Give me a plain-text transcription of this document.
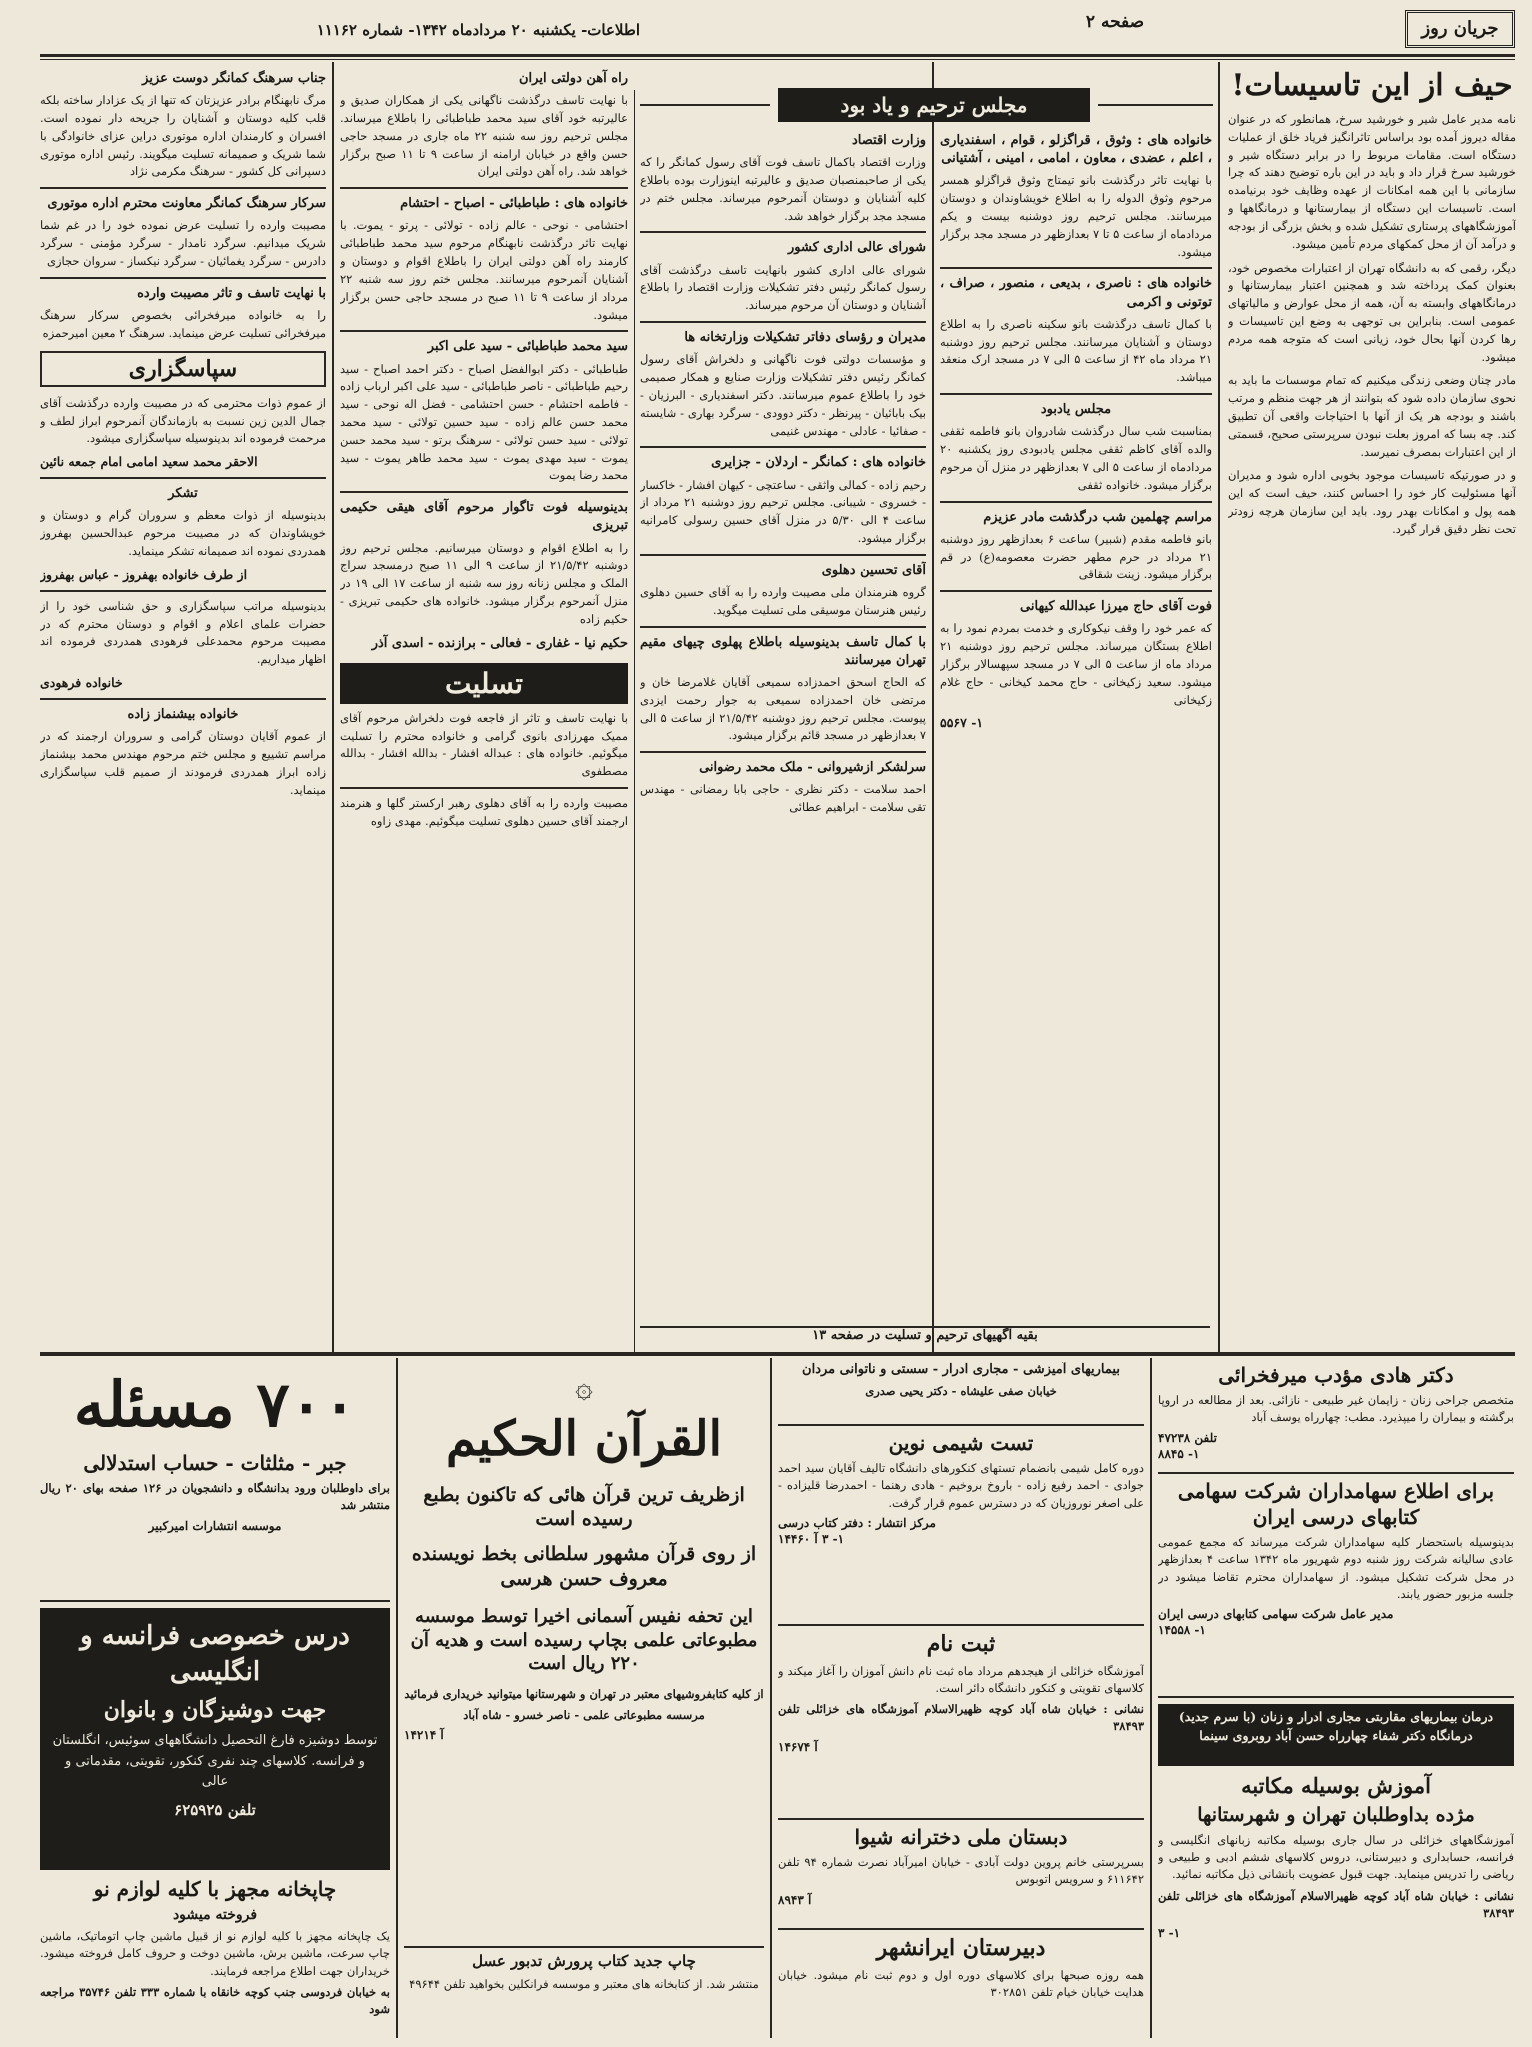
اطلاعات- یکشنبه ۲۰ مردادماه ۱۳۴۲- شماره ۱۱۱۶۲	صفحه ۲	جریان روز
حیف از این تاسیسات!

نامه مدیر عامل شیر و خورشید سرخ، همانطور که در عنوان مقاله دیروز آمده بود براساس تاثرانگیز فریاد خلق از عملیات دستگاه است. مقامات مربوط را در برابر دستگاه شیر و خورشید سرخ قرار داد و باید در این باره توضیح دهند که چرا سازمانی با این همه امکانات از عهده وظایف خود برنیامده است. تاسیسات این دستگاه از بیمارستانها و درمانگاهها و آموزشگاههای پرستاری تشکیل شده و بخش بزرگی از بودجه و درآمد آن از محل کمکهای مردم تأمین میشود.

دیگر، رقمی که به دانشگاه تهران از اعتبارات مخصوص خود، بعنوان کمک پرداخته شد و همچنین اعتبار بیمارستانها و درمانگاههای وابسته به آن، همه از محل عوارض و مالیاتهای عمومی است. بنابراین بی توجهی به وضع این تاسیسات و رها کردن آنها بحال خود، زیانی است که متوجه همه مردم میشود.

مادر چنان وضعی زندگی میکنیم که تمام موسسات ما باید به نحوی سازمان داده شود که بتوانند از هر جهت منظم و مرتب باشند و بودجه هر یک از آنها با احتیاجات واقعی آن تطبیق کند. چه بسا که امروز بعلت نبودن سرپرستی صحیح، قسمتی از این اعتبارات بمصرف نمیرسد.

و در صورتیکه تاسیسات موجود بخوبی اداره شود و مدیران آنها مسئولیت کار خود را احساس کنند، حیف است که این همه پول و امکانات بهدر رود. باید این سازمان هرچه زودتر تحت نظر دقیق قرار گیرد.

مجلس ترحیم و یاد بود

خانواده های : وثوق ، قراگزلو ، قوام ، اسفندیاری ، اعلم ، عضدی ، معاون ، امامی ، امینی ، آشتیانی

با نهایت تاثر درگذشت بانو تیمتاج وثوق قراگزلو همسر مرحوم وثوق الدوله را به اطلاع خویشاوندان و دوستان میرسانند. مجلس ترحیم روز دوشنبه بیست و یکم مردادماه از ساعت ۵ تا ۷ بعدازظهر در مسجد مجد برگزار میشود.

خانواده های : ناصری ، بدیعی ، منصور ، صراف ، توتونی و اکرمی

با کمال تاسف درگذشت بانو سکینه ناصری را به اطلاع دوستان و آشنایان میرسانند. مجلس ترحیم روز دوشنبه ۲۱ مرداد ماه ۴۲ از ساعت ۵ الی ۷ در مسجد ارک منعقد میباشد.

مجلس یادبود

بمناسبت شب سال درگذشت شادروان بانو فاطمه ثقفی والده آقای کاظم ثقفی مجلس یادبودی روز یکشنبه ۲۰ مردادماه از ساعت ۵ الی ۷ بعدازظهر در منزل آن مرحوم برگزار میشود. خانواده ثقفی

مراسم چهلمین شب درگذشت مادر عزیزم

بانو فاطمه مقدم (شبیر) ساعت ۶ بعدازظهر روز دوشنبه ۲۱ مرداد در حرم مطهر حضرت معصومه(ع) در قم برگزار میشود. زینت شقاقی

فوت آقای حاج میرزا عبدالله کیهانی

که عمر خود را وقف نیکوکاری و خدمت بمردم نمود را به اطلاع بستگان میرساند. مجلس ترحیم روز دوشنبه ۲۱ مرداد ماه از ساعت ۵ الی ۷ در مسجد سپهسالار برگزار میشود. سعید زکیخانی - حاج محمد کیخانی - حاج غلام زکیخانی

۱- ۵۵۶۷

وزارت اقتصاد

وزارت اقتصاد باکمال تاسف فوت آقای رسول کمانگر را که یکی از صاحبمنصبان صدیق و عالیرتبه اینوزارت بوده باطلاع کلیه آشنایان و دوستان آنمرحوم میرساند. مجلس ختم در مسجد مجد برگزار خواهد شد.

شورای عالی اداری کشور

شورای عالی اداری کشور بانهایت تاسف درگذشت آقای رسول کمانگر رئیس دفتر تشکیلات وزارت اقتصاد را باطلاع آشنایان و دوستان آن مرحوم میرساند.

مدیران و رؤسای دفاتر تشکیلات وزارتخانه ها

و مؤسسات دولتی فوت ناگهانی و دلخراش آقای رسول کمانگر رئیس دفتر تشکیلات وزارت صنایع و همکار صمیمی خود را باطلاع عموم میرسانند. دکتر اسفندیاری - البرزیان - بیک بابائیان - پیرنظر - دکتر دوودی - سرگرد بهاری - شایسته - صفائیا - عادلی - مهندس غنیمی

خانواده های : کمانگر - اردلان - جزایری

رحیم زاده - کمالی واثقی - ساعتچی - کیهان افشار - خاکسار - خسروی - شیبانی. مجلس ترحیم روز دوشنبه ۲۱ مرداد از ساعت ۴ الی ۵/۳۰ در منزل آقای حسین رسولی کامرانیه برگزار میشود.

آقای تحسین دهلوی

گروه هنرمندان ملی مصیبت وارده را به آقای حسین دهلوی رئیس هنرستان موسیقی ملی تسلیت میگوید.

با کمال تاسف بدینوسیله باطلاع پهلوی چیهای مقیم تهران میرسانند

که الحاج اسحق احمدزاده سمیعی آقایان غلامرضا خان و مرتضی خان احمدزاده سمیعی به جوار رحمت ایزدی پیوست. مجلس ترحیم روز دوشنبه ۲۱/۵/۴۲ از ساعت ۵ الی ۷ بعدازظهر در مسجد قائم برگزار میشود.

سرلشکر ازشیروانی - ملک محمد رضوانی

احمد سلامت - دکتر نظری - حاجی بابا رمضانی - مهندس تقی سلامت - ابراهیم عطائی

بقیه آگهیهای ترحیم و تسلیت در صفحه ۱۳

راه آهن دولتی ایران

با نهایت تاسف درگذشت ناگهانی یکی از همکاران صدیق و عالیرتبه خود آقای سید محمد طباطبائی را باطلاع میرساند. مجلس ترحیم روز سه شنبه ۲۲ ماه جاری در مسجد حاجی حسن واقع در خیابان ارامنه از ساعت ۹ تا ۱۱ صبح برگزار خواهد شد. راه آهن دولتی ایران

خانواده های : طباطبائی - اصباح - احتشام

احتشامی - نوحی - عالم زاده - تولائی - پرتو - یموت. با نهایت تاثر درگذشت نابهنگام مرحوم سید محمد طباطبائی کارمند راه آهن دولتی ایران را باطلاع اقوام و دوستان و آشنایان آنمرحوم میرسانند. مجلس ختم روز سه شنبه ۲۲ مرداد از ساعت ۹ تا ۱۱ صبح در مسجد حاجی حسن برگزار میشود.

سید محمد طباطبائی - سید علی اکبر

طباطبائی - دکتر ابوالفضل اصباح - دکتر احمد اصباح - سید رحیم طباطبائی - ناصر طباطبائی - سید علی اکبر ارباب زاده - فاطمه احتشام - حسن احتشامی - فضل اله نوحی - سید محمد حسن عالم زاده - سید حسین تولائی - سید محمد تولائی - سید حسن تولائی - سرهنگ برتو - سید محمد حسن یموت - سید مهدی یموت - سید محمد طاهر یموت - سید محمد رضا یموت

بدینوسیله فوت تاگوار مرحوم آقای هیقی حکیمی تبریزی

را به اطلاع اقوام و دوستان میرسانیم. مجلس ترحیم روز دوشنبه ۲۱/۵/۴۲ از ساعت ۹ الی ۱۱ صبح درمسجد سراج الملک و مجلس زنانه روز سه شنبه از ساعت ۱۷ الی ۱۹ در منزل آنمرحوم برگزار میشود. خانواده های حکیمی تبریزی - حکیم زاده

حکیم نیا - غفاری - فعالی - برازنده - اسدی آذر

تسلیت

با نهایت تاسف و تاثر از فاجعه فوت دلخراش مرحوم آقای ممیک مهرزادی بانوی گرامی و خانواده محترم را تسلیت میگوئیم. خانواده های : عبداله افشار - بدالله افشار - بدالله مصطفوی

مصیبت وارده را به آقای دهلوی رهبر ارکستر گلها و هنرمند ارجمند آقای حسین دهلوی تسلیت میگوئیم. مهدی زاوه

جناب سرهنگ کمانگر دوست عزیز

مرگ نابهنگام برادر عزیزتان که تنها از یک عزادار ساخته بلکه قلب کلیه دوستان و آشنایان را جریحه دار نموده است. افسران و کارمندان اداره موتوری دراین عزای خانوادگی با شما شریک و صمیمانه تسلیت میگویند. رئیس اداره موتوری دسپرانی کل کشور - سرهنگ مکرمی نژاد

سرکار سرهنگ کمانگر معاونت محترم اداره موتوری

مصیبت وارده را تسلیت عرض نموده خود را در غم شما شریک میدانیم. سرگرد نامدار - سرگرد مؤمنی - سرگرد دادرس - سرگرد یغمائیان - سرگرد نیکساز - سروان حجازی

با نهایت تاسف و تاثر مصیبت وارده

را به خانواده میرفخرائی بخصوص سرکار سرهنگ میرفخرائی تسلیت عرض مینماید. سرهنگ ۲ معین امیرحمزه

سپاسگزاری

از عموم ذوات محترمی که در مصیبت وارده درگذشت آقای جمال الدین زین نسبت به بازماندگان آنمرحوم ابراز لطف و مرحمت فرموده اند بدینوسیله سپاسگزاری میشود.

الاحقر محمد سعید امامی امام جمعه نائین

تشکر

بدینوسیله از ذوات معظم و سروران گرام و دوستان و خویشاوندان که در مصیبت مرحوم عبدالحسین بهفروز همدردی نموده اند صمیمانه تشکر مینماید.

از طرف خانواده بهفروز - عباس بهفروز

بدینوسیله مراتب سپاسگزاری و حق شناسی خود را از حضرات علمای اعلام و اقوام و دوستان محترم که در مصیبت مرحوم محمدعلی فرهودی همدردی فرموده اند اظهار میداریم.

خانواده فرهودی

خانواده بیشنماز زاده

از عموم آقایان دوستان گرامی و سروران ارجمند که در مراسم تشییع و مجلس ختم مرحوم مهندس محمد بیشنماز زاده ابراز همدردی فرمودند از صمیم قلب سپاسگزاری مینماید.

دکتر هادی مؤدب میرفخرائی

متخصص جراحی زنان - زایمان غیر طبیعی - نازائی. بعد از مطالعه در اروپا برگشته و بیماران را میپذیرد. مطب: چهارراه یوسف آباد

تلفن ۴۷۲۳۸
۱- ۸۸۴۵
برای اطلاع سهامداران شرکت سهامی کتابهای درسی ایران

بدینوسیله باستحضار کلیه سهامداران شرکت میرساند که مجمع عمومی عادی سالیانه شرکت روز شنبه دوم شهریور ماه ۱۳۴۲ ساعت ۴ بعدازظهر در محل شرکت تشکیل میشود. از سهامداران محترم تقاضا میشود در جلسه مزبور حضور یابند.

مدیر عامل شرکت سهامی کتابهای درسی ایران
۱- ۱۴۵۵۸
درمان بیماریهای مقاربتی مجاری ادرار و زنان (با سرم جدید)
درمانگاه دکتر شفاء چهارراه حسن آباد روبروی سینما
آموزش بوسیله مکاتبه
مژده بداوطلبان تهران و شهرستانها

آموزشگاههای خزائلی در سال جاری بوسیله مکاتبه زبانهای انگلیسی و فرانسه، حسابداری و دبیرستانی، دروس کلاسهای ششم ادبی و طبیعی و ریاضی را تدریس مینماید. جهت قبول عضویت بانشانی ذیل مکاتبه نمائید.

نشانی : خیابان شاه آباد کوچه ظهیرالاسلام آموزشگاه های خزائلی تلفن ۳۸۴۹۳

۱- ۳
بیماریهای آمیزشی - مجاری ادرار - سستی و ناتوانی مردان

خیابان صفی علیشاه - دکتر یحیی صدری

تست شیمی نوین

دوره کامل شیمی بانضمام تستهای کنکورهای دانشگاه تالیف آقایان سید احمد جوادی - احمد رفیع زاده - باروخ بروخیم - هادی رهنما - احمدرضا قلیزاده - علی اصغر نوروزیان که در دسترس عموم قرار گرفت.

مرکز انتشار : دفتر کتاب درسی
۱- ۳ آ ۱۴۴۶۰
ثبت نام

آموزشگاه خزائلی از هیجدهم مرداد ماه ثبت نام دانش آموزان را آغاز میکند و کلاسهای تقویتی و کنکور دانشگاه دائر است.

نشانی : خیابان شاه آباد کوچه ظهیرالاسلام آموزشگاه های خزائلی تلفن ۳۸۴۹۳

آ ۱۴۶۷۴
دبستان ملی دخترانه شیوا

بسرپرستی خانم پروین دولت آبادی - خیابان امیرآباد نصرت شماره ۹۴ تلفن ۶۱۱۶۴۲ و سرویس اتوبوس

آ ۸۹۴۳
دبیرستان ایرانشهر

همه روزه صبحها برای کلاسهای دوره اول و دوم ثبت نام میشود. خیابان هدایت خیابان خیام تلفن ۳۰۲۸۵۱

۞
القرآن الحکیم
ازظریف ترین قرآن هائی که تاکنون بطبع رسیده است
از روی قرآن مشهور سلطانی بخط نویسنده معروف حسن هرسی
این تحفه نفیس آسمانی اخیرا توسط موسسه مطبوعاتی علمی بچاپ رسیده است و هدیه آن ۲۲۰ ریال است

از کلیه کتابفروشیهای معتبر در تهران و شهرستانها میتوانید خریداری فرمائید

مرسسه مطبوعاتی علمی - ناصر خسرو - شاه آباد

آ ۱۴۲۱۴
چاپ جدید کتاب پرورش تدبور عسل

منتشر شد. از کتابخانه های معتبر و موسسه فرانکلین بخواهید تلفن ۴۹۶۴۴

۷۰۰ مسئله
جبر - مثلثات - حساب استدلالی

برای داوطلبان ورود بدانشگاه و دانشجویان در ۱۲۶ صفحه بهای ۲۰ ریال منتشر شد

موسسه انتشارات امیرکبیر
درس خصوصی فرانسه و انگلیسی
جهت دوشیزگان و بانوان
توسط دوشیزه فارغ التحصیل دانشگاههای سوئیس، انگلستان و فرانسه. کلاسهای چند نفری کنکور، تقویتی، مقدماتی و عالی
تلفن ۶۲۵۹۲۵
چاپخانه مجهز با کلیه لوازم نو
فروخته میشود

یک چاپخانه مجهز با کلیه لوازم نو از قبیل ماشین چاپ اتوماتیک، ماشین چاپ سرعت، ماشین برش، ماشین دوخت و حروف کامل فروخته میشود. خریداران جهت اطلاع مراجعه فرمایند.

به خیابان فردوسی جنب کوچه خانقاه با شماره ۳۳۳ تلفن ۳۵۷۴۶ مراجعه شود
